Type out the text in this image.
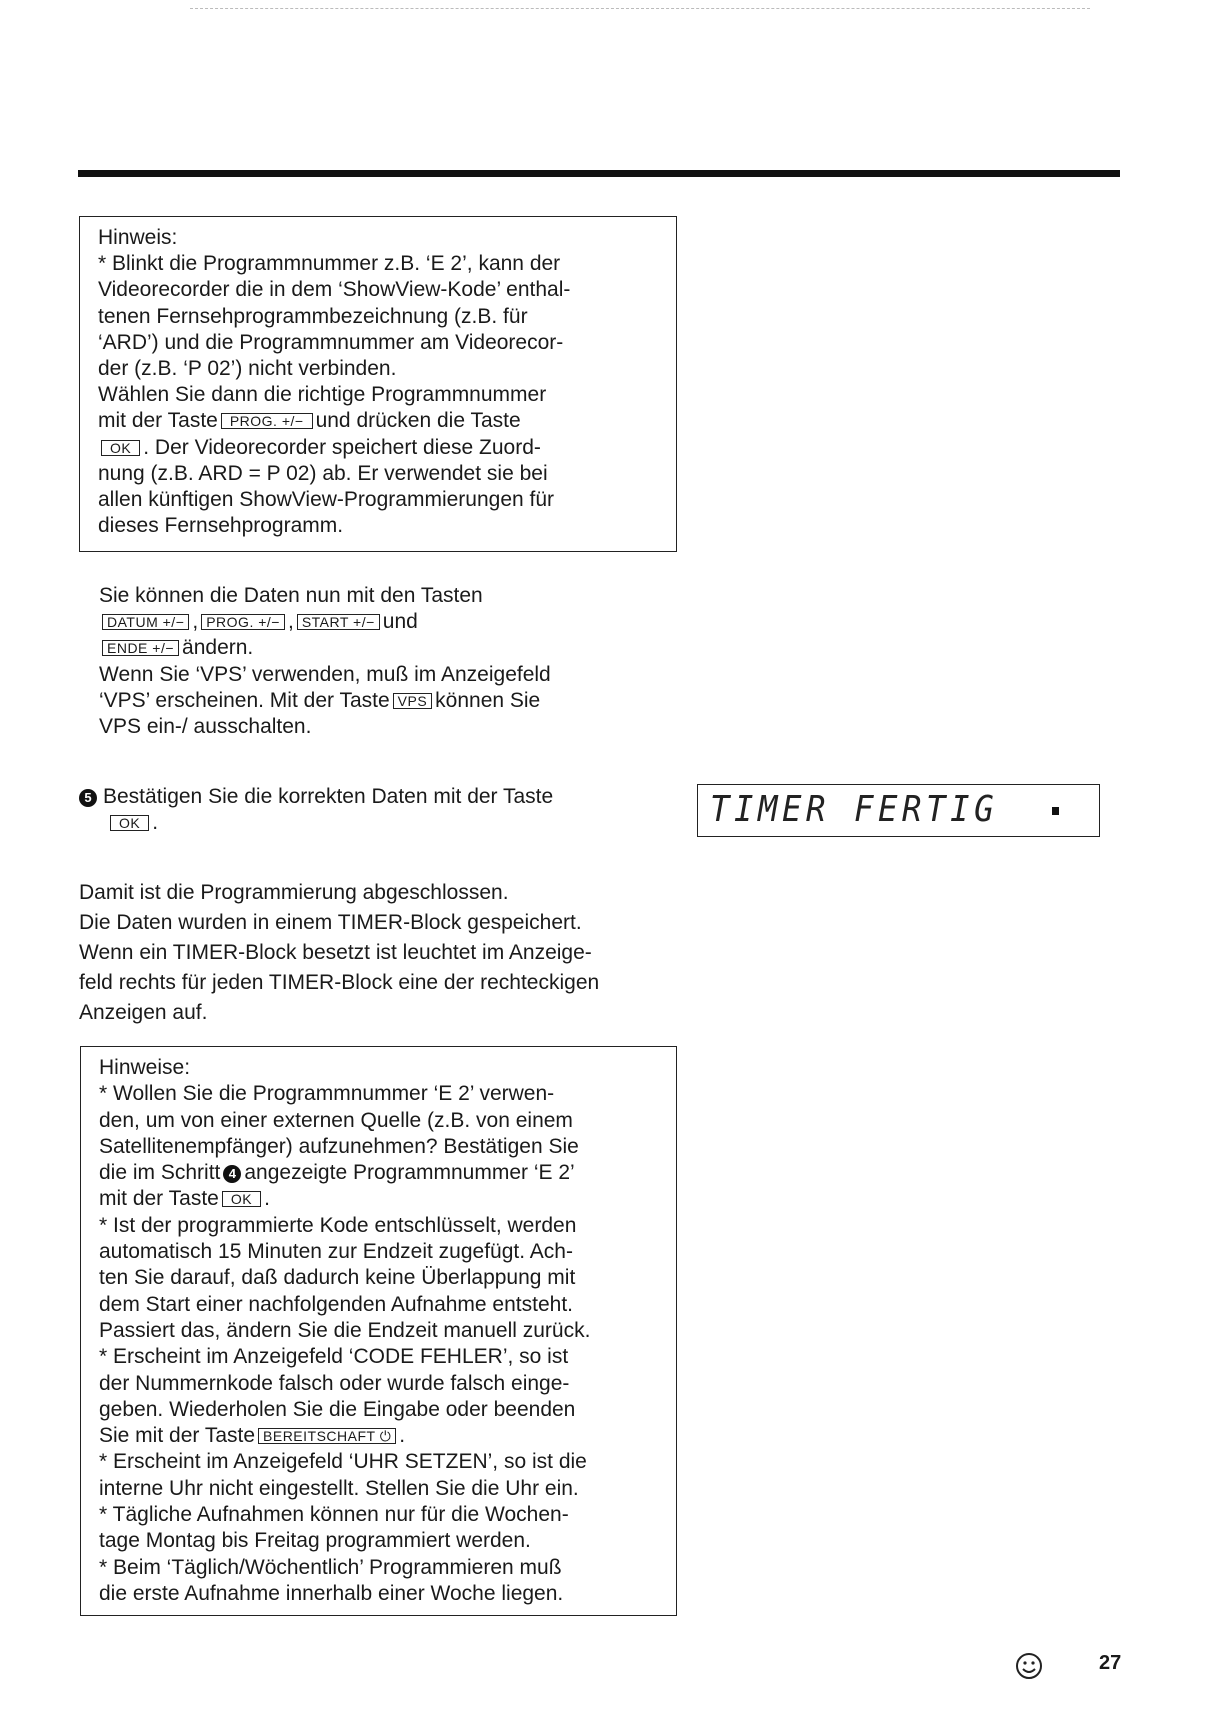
Hinweis:

* Blinkt die Programmnummer z.B. ‘E 2’, kann der

Videorecorder die in dem ‘ShowView-Kode’ enthal-

tenen Fernsehprogrammbezeichnung (z.B. für

‘ARD’) und die Programmnummer am Videorecor-

der (z.B. ‘P 02’) nicht verbinden.

Wählen Sie dann die richtige Programmnummer

mit der Taste PROG. +/− und drücken die Taste

OK . Der Videorecorder speichert diese Zuord-

nung (z.B. ARD = P 02) ab. Er verwendet sie bei

allen künftigen ShowView-Programmierungen für

dieses Fernsehprogramm.

Sie können die Daten nun mit den Tasten

DATUM +/− , PROG. +/− , START +/− und

ENDE +/− ändern.

Wenn Sie ‘VPS’ verwenden, muß im Anzeigefeld

‘VPS’ erscheinen. Mit der Taste VPS können Sie

VPS ein-/ ausschalten.

5 Bestätigen Sie die korrekten Daten mit der Taste

OK .	TIMER FERTIG

Damit ist die Programmierung abgeschlossen.

Die Daten wurden in einem TIMER-Block gespeichert.

Wenn ein TIMER-Block besetzt ist leuchtet im Anzeige-

feld rechts für jeden TIMER-Block eine der rechteckigen

Anzeigen auf.

Hinweise:

* Wollen Sie die Programmnummer ‘E 2’ verwen-

den, um von einer externen Quelle (z.B. von einem

Satellitenempfänger) aufzunehmen? Bestätigen Sie

die im Schritt 4 angezeigte Programmnummer ‘E 2’

mit der Taste OK .

* Ist der programmierte Kode entschlüsselt, werden

automatisch 15 Minuten zur Endzeit zugefügt. Ach-

ten Sie darauf, daß dadurch keine Überlappung mit

dem Start einer nachfolgenden Aufnahme entsteht.

Passiert das, ändern Sie die Endzeit manuell zurück.

* Erscheint im Anzeigefeld ‘CODE FEHLER’, so ist

der Nummernkode falsch oder wurde falsch einge-

geben. Wiederholen Sie die Eingabe oder beenden

Sie mit der Taste BEREITSCHAFT ⏻ .

* Erscheint im Anzeigefeld ‘UHR SETZEN’, so ist die

interne Uhr nicht eingestellt. Stellen Sie die Uhr ein.

* Tägliche Aufnahmen können nur für die Wochen-

tage Montag bis Freitag programmiert werden.

* Beim ‘Täglich/Wöchentlich’ Programmieren muß

die erste Aufnahme innerhalb einer Woche liegen.

27
